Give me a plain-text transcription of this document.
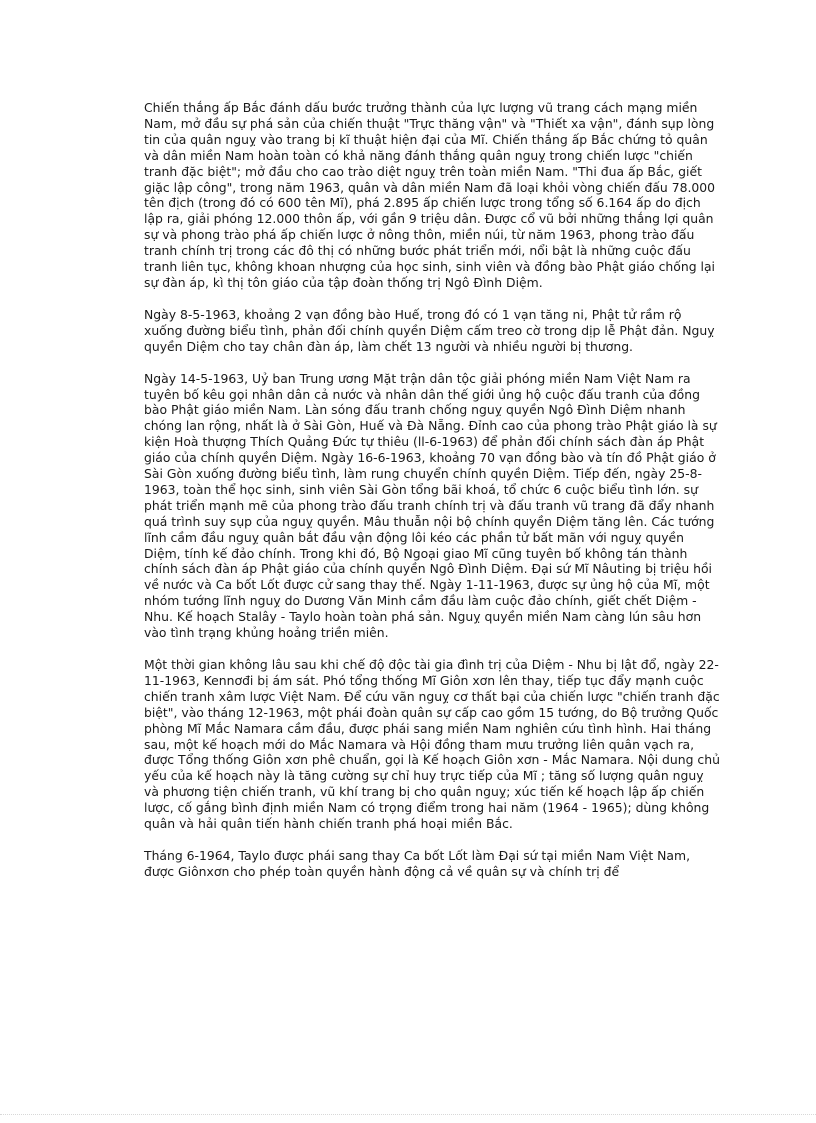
Chiến thắng ấp Bắc đánh dấu bước trưởng thành của lực lượng vũ trang cách mạng miền Nam, mở đầu sự phá sản của chiến thuật "Trực thăng vận" và "Thiết xa vận", đánh sụp lòng tin của quân nguỵ vào trang bị kĩ thuật hiện đại của Mĩ. Chiến thắng ấp Bắc chứng tỏ quân và dân miền Nam hoàn toàn có khả năng đánh thắng quân nguỵ trong chiến lược "chiến tranh đặc biệt"; mở đầu cho cao trào diệt nguỵ trên toàn miền Nam. "Thi đua ấp Bắc, giết giặc lập công", trong năm 1963, quân và dân miền Nam đã loại khỏi vòng chiến đấu 78.000 tên địch (trong đó có 600 tên Mĩ), phá 2.895 ấp chiến lược trong tổng số 6.164 ấp do địch lập ra, giải phóng 12.000 thôn ấp, với gần 9 triệu dân. Được cổ vũ bởi những thắng lợi quân sự và phong trào phá ấp chiến lược ở nông thôn, miền núi, từ năm 1963, phong trào đấu tranh chính trị trong các đô thị có những bước phát triển mới, nổi bật là những cuộc đấu tranh liên tục, không khoan nhượng của học sinh, sinh viên và đồng bào Phật giáo chống lại sự đàn áp, kì thị tôn giáo của tập đoàn thống trị Ngô Đình Diệm.

Ngày 8-5-1963, khoảng 2 vạn đồng bào Huế, trong đó có 1 vạn tăng ni, Phật tử rầm rộ xuống đường biểu tình, phản đối chính quyền Diệm cấm treo cờ trong dịp lễ Phật đản. Nguỵ quyền Diệm cho tay chân đàn áp, làm chết 13 người và nhiều người bị thương.

Ngày 14-5-1963, Uỷ ban Trung ương Mặt trận dân tộc giải phóng miền Nam Việt Nam ra tuyên bố kêu gọi nhân dân cả nước và nhân dân thế giới ủng hộ cuộc đấu tranh của đồng bào Phật giáo miền Nam. Làn sóng đấu tranh chống nguỵ quyền Ngô Đình Diệm nhanh chóng lan rộng, nhất là ở Sài Gòn, Huế và Đà Nẵng. Đỉnh cao của phong trào Phật giáo là sự kiện Hoà thượng Thích Quảng Đức tự thiêu (ll-6-1963) để phản đối chính sách đàn áp Phật giáo của chính quyền Diệm. Ngày 16-6-1963, khoảng 70 vạn đồng bào và tín đồ Phật giáo ở Sài Gòn xuống đường biểu tình, làm rung chuyển chính quyền Diệm. Tiếp đến, ngày 25-8-1963, toàn thể học sinh, sinh viên Sài Gòn tổng bãi khoá, tổ chức 6 cuộc biểu tình lớn. sự phát triển mạnh mẽ của phong trào đấu tranh chính trị và đấu tranh vũ trang đã đẩy nhanh quá trình suy sụp của nguỵ quyền. Mâu thuẫn nội bộ chính quyền Diệm tăng lên. Các tướng lĩnh cầm đầu nguỵ quân bắt đầu vận động lôi kéo các phần tử bất mãn với nguỵ quyền Diệm, tính kế đảo chính. Trong khi đó, Bộ Ngoại giao Mĩ cũng tuyên bố không tán thành chính sách đàn áp Phật giáo của chính quyền Ngô Đình Diệm. Đại sứ Mĩ Nâuting bị triệu hồi về nước và Ca bốt Lốt được cử sang thay thế. Ngày 1-11-1963, được sự ủng hộ của Mĩ, một nhóm tướng lĩnh nguỵ do Dương Văn Minh cầm đầu làm cuộc đảo chính, giết chết Diệm - Nhu. Kế hoạch Stalây - Taylo hoàn toàn phá sản. Nguỵ quyền miền Nam càng lún sâu hơn vào tình trạng khủng hoảng triền miên.

Một thời gian không lâu sau khi chế độ độc tài gia đình trị của Diệm - Nhu bị lật đổ, ngày 22-11-1963, Kennơđi bị ám sát. Phó tổng thống Mĩ Giôn xơn lên thay, tiếp tục đẩy mạnh cuộc chiến tranh xâm lược Việt Nam. Để cứu vãn nguỵ cơ thất bại của chiến lược "chiến tranh đặc biệt", vào tháng 12-1963, một phái đoàn quân sự cấp cao gồm 15 tướng, do Bộ trưởng Quốc phòng Mĩ Mắc Namara cầm đầu, được phái sang miền Nam nghiên cứu tình hình. Hai tháng sau, một kế hoạch mới do Mắc Namara và Hội đồng tham mưu trưởng liên quân vạch ra, được Tổng thống Giôn xơn phê chuẩn, gọi là Kế hoạch Giôn xơn - Mắc Namara. Nội dung chủ yếu của kế hoạch này là tăng cường sự chỉ huy trực tiếp của Mĩ ; tăng số lượng quân nguỵ và phương tiện chiến tranh, vũ khí trang bị cho quân nguỵ; xúc tiến kế hoạch lập ấp chiến lược, cố gắng bình định miền Nam có trọng điểm trong hai năm (1964 - 1965); dùng không quân và hải quân tiến hành chiến tranh phá hoại miền Bắc.

Tháng 6-1964, Taylo được phái sang thay Ca bốt Lốt làm Đại sứ tại miền Nam Việt Nam, được Giônxơn cho phép toàn quyền hành động cả về quân sự và chính trị để
